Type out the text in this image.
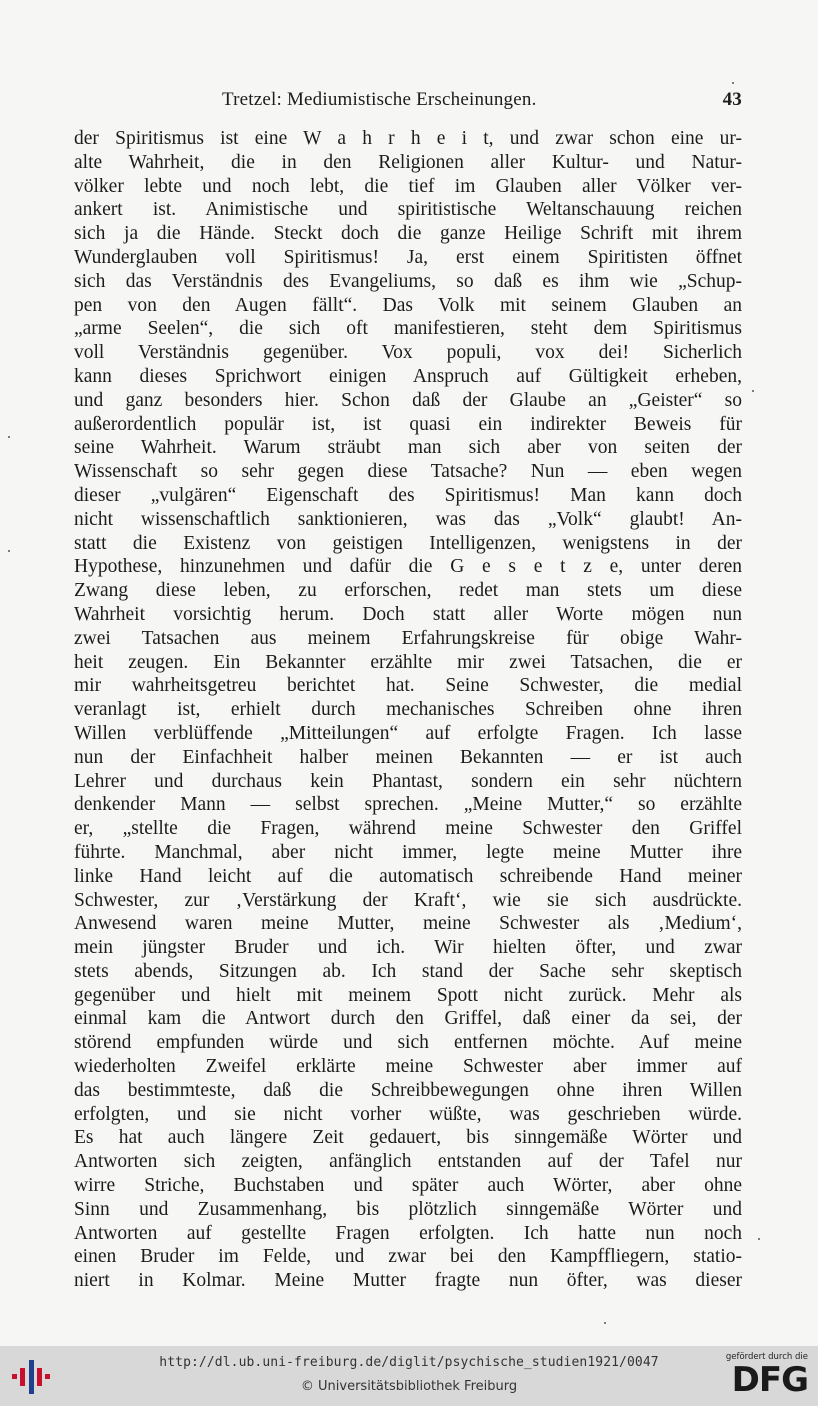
Tretzel: Mediumistische Erscheinungen.	43
der Spiritismus ist eine W a h r h e i t, und zwar schon eine ur-
alte Wahrheit, die in den Religionen aller Kultur- und Natur-
völker lebte und noch lebt, die tief im Glauben aller Völker ver-
ankert ist. Animistische und spiritistische Weltanschauung reichen
sich ja die Hände. Steckt doch die ganze Heilige Schrift mit ihrem
Wunderglauben voll Spiritismus! Ja, erst einem Spiritisten öffnet
sich das Verständnis des Evangeliums, so daß es ihm wie „Schup-
pen von den Augen fällt“. Das Volk mit seinem Glauben an
„arme Seelen“, die sich oft manifestieren, steht dem Spiritismus
voll Verständnis gegenüber. Vox populi, vox dei! Sicherlich
kann dieses Sprichwort einigen Anspruch auf Gültigkeit erheben,
und ganz besonders hier. Schon daß der Glaube an „Geister“ so
außerordentlich populär ist, ist quasi ein indirekter Beweis für
seine Wahrheit. Warum sträubt man sich aber von seiten der
Wissenschaft so sehr gegen diese Tatsache? Nun — eben wegen
dieser „vulgären“ Eigenschaft des Spiritismus! Man kann doch
nicht wissenschaftlich sanktionieren, was das „Volk“ glaubt! An-
statt die Existenz von geistigen Intelligenzen, wenigstens in der
Hypothese, hinzunehmen und dafür die G e s e t z e, unter deren
Zwang diese leben, zu erforschen, redet man stets um diese
Wahrheit vorsichtig herum. Doch statt aller Worte mögen nun
zwei Tatsachen aus meinem Erfahrungskreise für obige Wahr-
heit zeugen. Ein Bekannter erzählte mir zwei Tatsachen, die er
mir wahrheitsgetreu berichtet hat. Seine Schwester, die medial
veranlagt ist, erhielt durch mechanisches Schreiben ohne ihren
Willen verblüffende „Mitteilungen“ auf erfolgte Fragen. Ich lasse
nun der Einfachheit halber meinen Bekannten — er ist auch
Lehrer und durchaus kein Phantast, sondern ein sehr nüchtern
denkender Mann — selbst sprechen. „Meine Mutter,“ so erzählte
er, „stellte die Fragen, während meine Schwester den Griffel
führte. Manchmal, aber nicht immer, legte meine Mutter ihre
linke Hand leicht auf die automatisch schreibende Hand meiner
Schwester, zur ‚Verstärkung der Kraft‘, wie sie sich ausdrückte.
Anwesend waren meine Mutter, meine Schwester als ‚Medium‘,
mein jüngster Bruder und ich. Wir hielten öfter, und zwar
stets abends, Sitzungen ab. Ich stand der Sache sehr skeptisch
gegenüber und hielt mit meinem Spott nicht zurück. Mehr als
einmal kam die Antwort durch den Griffel, daß einer da sei, der
störend empfunden würde und sich entfernen möchte. Auf meine
wiederholten Zweifel erklärte meine Schwester aber immer auf
das bestimmteste, daß die Schreibbewegungen ohne ihren Willen
erfolgten, und sie nicht vorher wüßte, was geschrieben würde.
Es hat auch längere Zeit gedauert, bis sinngemäße Wörter und
Antworten sich zeigten, anfänglich entstanden auf der Tafel nur
wirre Striche, Buchstaben und später auch Wörter, aber ohne
Sinn und Zusammenhang, bis plötzlich sinngemäße Wörter und
Antworten auf gestellte Fragen erfolgten. Ich hatte nun noch
einen Bruder im Felde, und zwar bei den Kampffliegern, statio-
niert in Kolmar. Meine Mutter fragte nun öfter, was dieser
http://dl.ub.uni-freiburg.de/diglit/psychische_studien1921/0047
© Universitätsbibliothek Freiburg
gefördert durch die
DFG
